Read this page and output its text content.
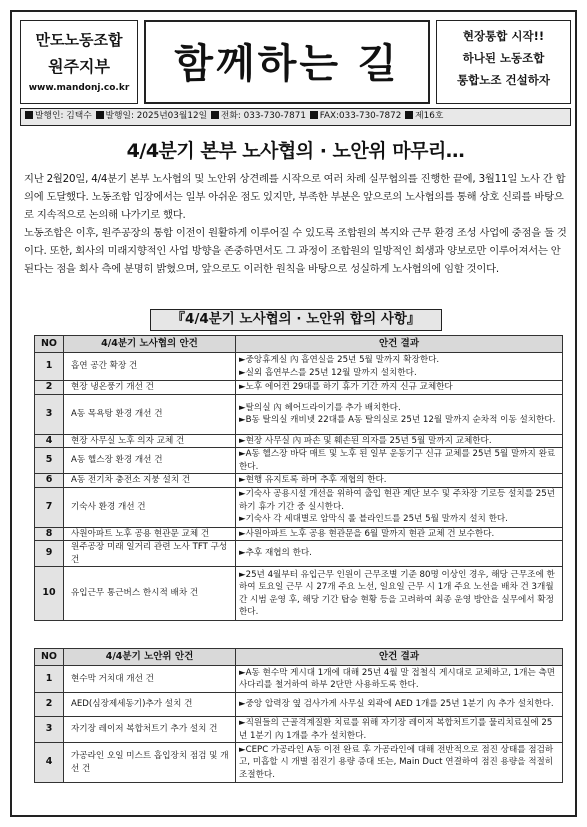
만도노동조합
원주지부
www.mandonj.co.kr
함께하는 길
현장통합 시작!!
하나된 노동조합
통합노조 건설하자
발행인: 김택수 발행일: 2025년03월12일 전화: 033-730-7871 FAX:033-730-7872 제16호
4/4분기 본부 노사협의 · 노안위 마무리…
지난 2월20일, 4/4분기 본부 노사협의 및 노안위 상견례를 시작으로 여러 차례 실무협의를 진행한 끝에, 3월11일 노사 간 합의에 도달했다. 노동조합 입장에서는 일부 아쉬운 점도 있지만, 부족한 부분은 앞으로의 노사협의를 통해 상호 신뢰를 바탕으로 지속적으로 논의해 나가기로 했다.
노동조합은 이후, 원주공장의 통합 이전이 원활하게 이루어질 수 있도록 조합원의 복지와 근무 환경 조성 사업에 중점을 둘 것이다. 또한, 회사의 미래지향적인 사업 방향을 존중하면서도 그 과정이 조합원의 일방적인 희생과 양보로만 이루어져서는 안 된다는 점을 회사 측에 분명히 밝혔으며, 앞으로도 이러한 원칙을 바탕으로 성실하게 노사협의에 임할 것이다.
『4/4분기 노사협의 · 노안위 합의 사항』
NO	4/4분기 노사협의 안건	안건 결과
1	흡연 공간 확장 건	►중앙휴게실 內 흡연실을 25년 5월 말까지 확장한다.
►실외 흡연부스를 25년 12월 말까지 설치한다.

2	현장 냉온풍기 개선 건	►노후 에어컨 29대를 하기 휴가 기간 까지 신규 교체한다

3	A동 목욕탕 환경 개선 건	►탈의실 內 헤어드라이기를 추가 배치한다.
►B동 탈의실 캐비넷 22대를 A동 탈의실로 25년 12월 말까지 순차적 이동 설치한다.

4	현장 사무실 노후 의자 교체 건	►현장 사무실 內 파손 및 훼손된 의자를 25년 5월 말까지 교체한다.

5	A동 헬스장 환경 개선 건	►A동 헬스장 바닥 매트 및 노후 된 일부 운동기구 신규 교체를 25년 5월 말까지 완료한다.

6	A동 전기차 충전소 지붕 설치 건	►현행 유지토록 하며 추후 재협의 한다.

7	기숙사 환경 개선 건	►기숙사 공용시설 개선을 위하여 출입 현관 계단 보수 및 주차장 기로등 설치를 25년 하기 휴가 기간 중 실시한다.
►기숙사 각 세대별로 암막식 롤 블라인드를 25년 5월 말까지 설치 한다.

8	사원아파트 노후 공용 현관문 교체 건	►사원아파트 노후 공용 현관문을 6월 말까지 현관 교체 건 보수한다.

9	원주공장 미래 일거리 관련 노사 TFT 구성 건	►추후 재협의 한다.

10	유입근무 통근버스 한시적 배차 건	►25년 4월부터 유입근무 인원이 근무조별 기준 80명 이상인 경우, 해당 근무조에 한하여 토요일 근무 시 27개 주요 노선, 일요일 근무 시 1개 주요 노선을 배차 건 3개월간 시범 운영 후, 해당 기간 탑승 현황 등을 고려하여 최종 운영 방안을 실무에서 확정한다.
NO	4/4분기 노안위 안건	안건 결과
1	현수막 거치대 개선 건	►A동 현수막 게시대 1개에 대해 25년 4월 말 접철식 게시대로 교체하고, 1개는 측면사다리를 철거하여 하부 2단만 사용하도록 한다.

2	AED(심장제세동기)추가 설치 건	►중앙 압력장 옆 검사가게 사무실 외곽에 AED 1개를 25년 1분기 內 추가 설치한다.

3	자기장 레이저 복합처트기 추가 설치 건	►직원들의 근골격계질환 치료를 위해 자기장 레이저 복합처트기를 물리치료실에 25년 1분기 內 1개를 추가 설치한다.

4	가공라인 오일 미스트 흡입장치 점검 및 개선 건	►CEPC 가공라인 A동 이전 완료 후 가공라인에 대해 전반적으로 점진 상태를 점검하고, 미흡할 시 개별 점진기 용량 증대 또는, Main Duct 연결하여 점진 용량을 적절히 조절한다.
